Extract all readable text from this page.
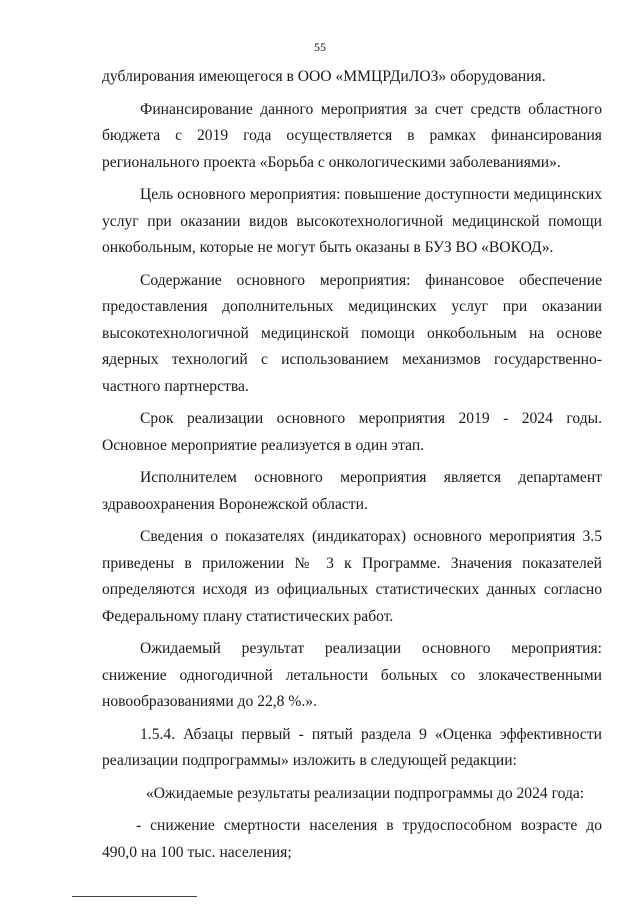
55

дублирования имеющегося в ООО «ММЦРДиЛОЗ» оборудования.

Финансирование данного мероприятия за счет средств областного бюджета с 2019 года осуществляется в рамках финансирования регионального проекта «Борьба с онкологическими заболеваниями».

Цель основного мероприятия: повышение доступности медицинских услуг при оказании видов высокотехнологичной медицинской помощи онкобольным, которые не могут быть оказаны в БУЗ ВО «ВОКОД».

Содержание основного мероприятия: финансовое обеспечение предоставления дополнительных медицинских услуг при оказании высокотехнологичной медицинской помощи онкобольным на основе ядерных технологий с использованием механизмов государственно-частного партнерства.

Срок реализации основного мероприятия 2019 - 2024 годы. Основное мероприятие реализуется в один этап.

Исполнителем основного мероприятия является департамент здравоохранения Воронежской области.

Сведения о показателях (индикаторах) основного мероприятия 3.5 приведены в приложении № 3 к Программе. Значения показателей определяются исходя из официальных статистических данных согласно Федеральному плану статистических работ.

Ожидаемый результат реализации основного мероприятия: снижение одногодичной летальности больных со злокачественными новообразованиями до 22,8 %.».

1.5.4. Абзацы первый - пятый раздела 9 «Оценка эффективности реализации подпрограммы» изложить в следующей редакции:

«Ожидаемые результаты реализации подпрограммы до 2024 года:

- снижение смертности населения в трудоспособном возрасте до 490,0 на 100 тыс. населения;
